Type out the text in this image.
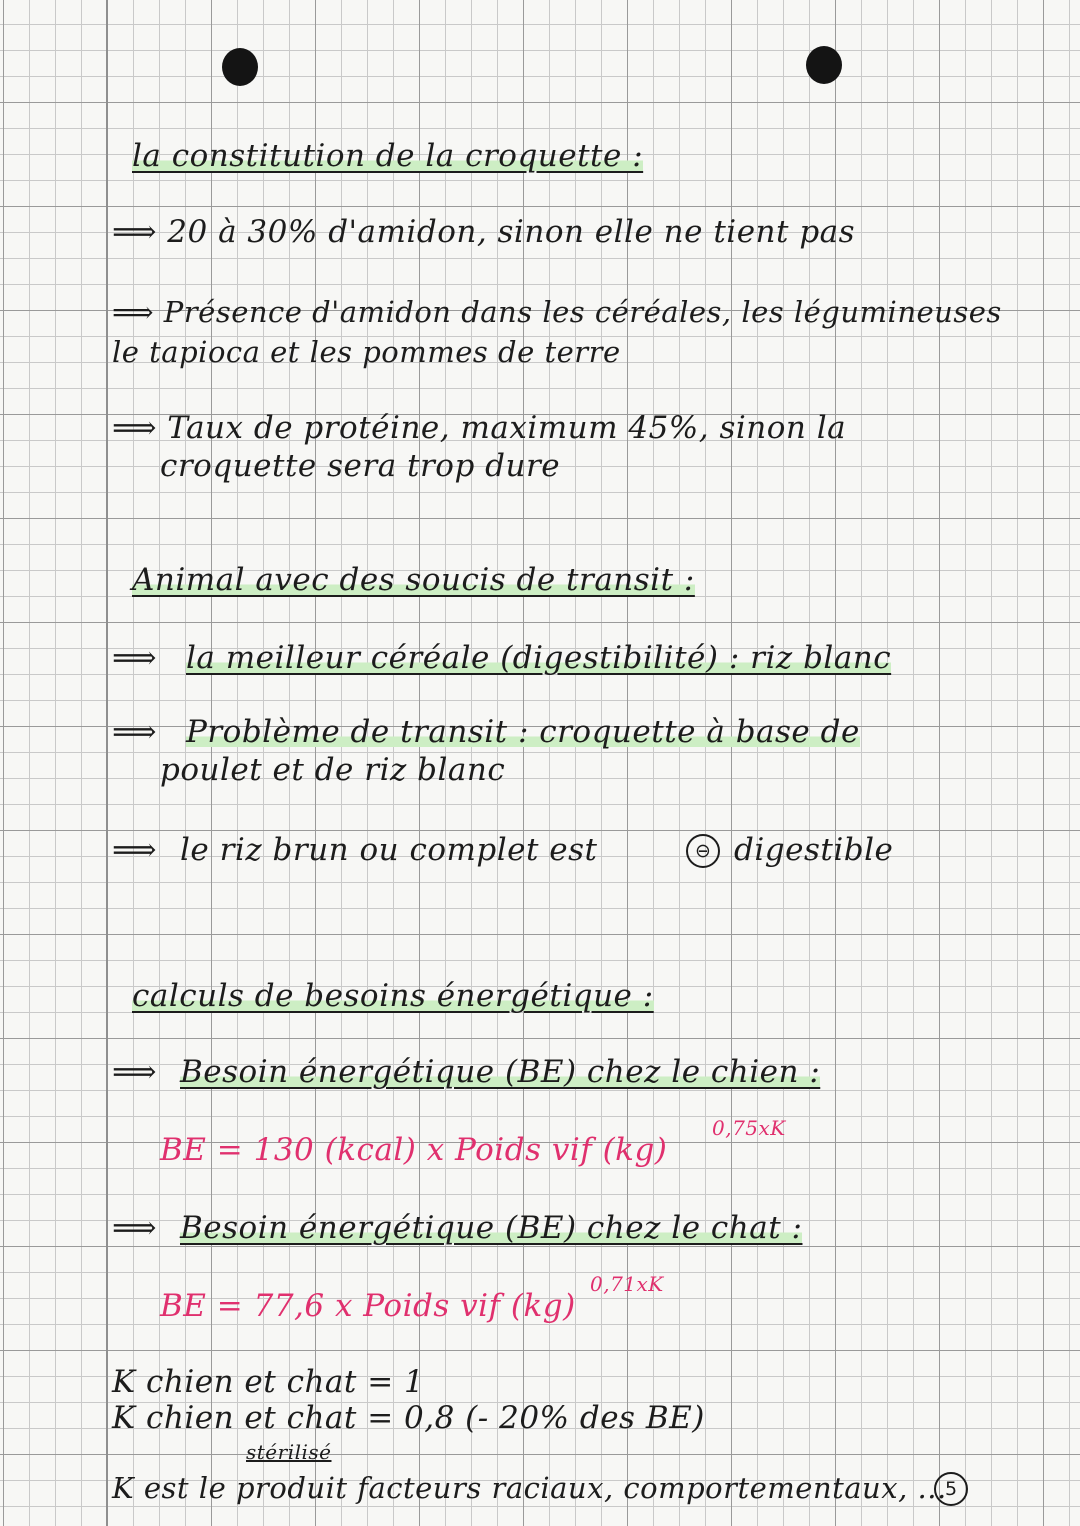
la constitution de la croquette :
⟹ 20 à 30% d'amidon, sinon elle ne tient pas
⟹ Présence d'amidon dans les céréales, les légumineuses
le tapioca et les pommes de terre
⟹ Taux de protéine, maximum 45%, sinon la
croquette sera trop dure
Animal avec des soucis de transit :
⟹ la meilleur céréale (digestibilité) : riz blanc
⟹ Problème de transit : croquette à base de
poulet et de riz blanc
⟹ le riz brun ou complet est	⊖ digestible
calculs de besoins énergétique :
⟹ Besoin énergétique (BE) chez le chien :
BE = 130 (kcal) x Poids vif (kg)
0,75xK
⟹ Besoin énergétique (BE) chez le chat :
BE = 77,6 x Poids vif (kg)
0,71xK
K chien et chat = 1
K chien et chat = 0,8 (- 20% des BE)
stérilisé
K est le produit facteurs raciaux, comportementaux, ...
5
